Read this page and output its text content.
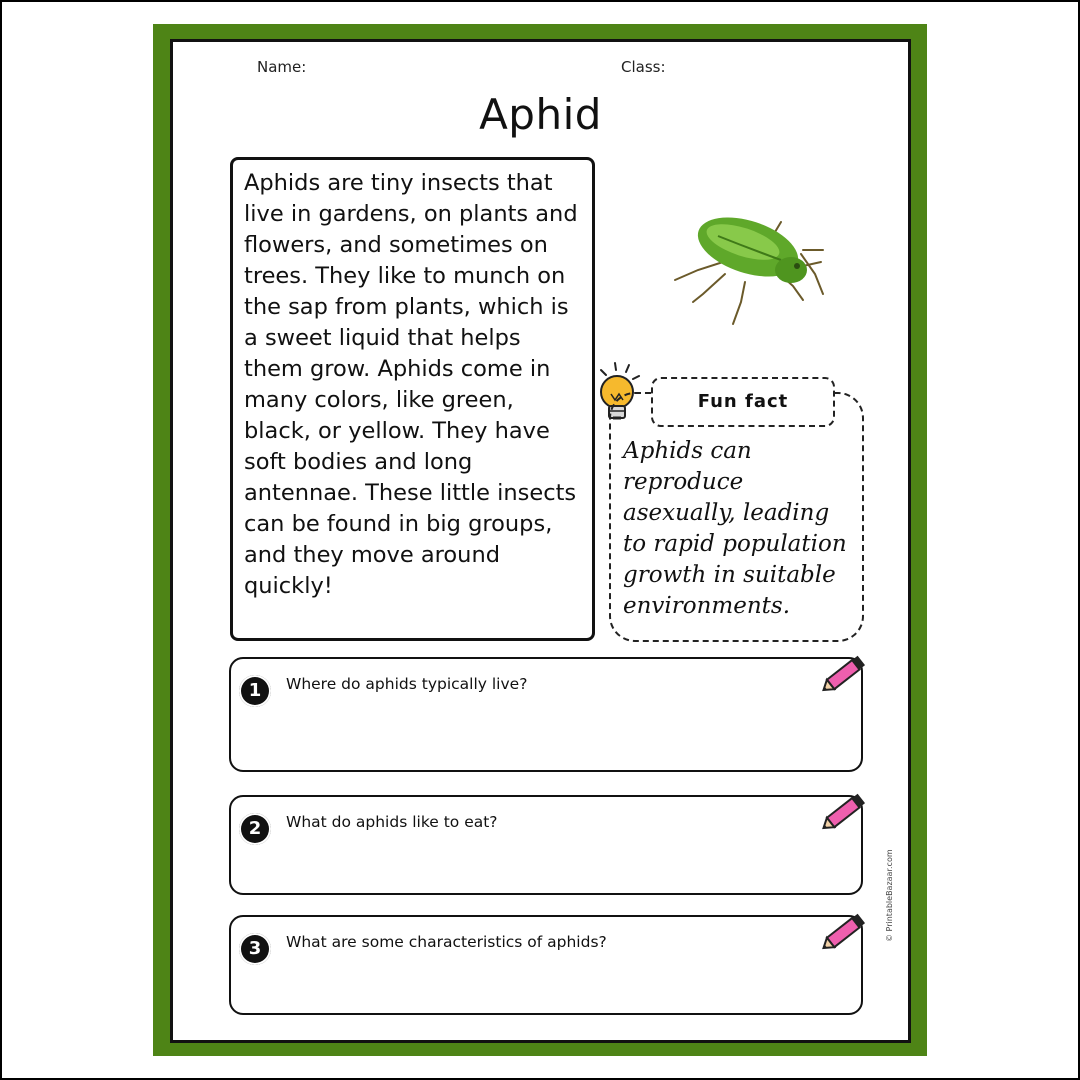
Name:	Class:
Aphid
Aphids are tiny insects that live in gardens, on plants and flowers, and sometimes on trees. They like to munch on the sap from plants, which is a sweet liquid that helps them grow. Aphids come in many colors, like green, black, or yellow. They have soft bodies and long antennae. These little insects can be found in big groups, and they move around quickly!
Fun fact
Aphids can reproduce asexually, leading to rapid population growth in suitable environments.
1	Where do aphids typically live?
2	What do aphids like to eat?
3	What are some characteristics of aphids?	© PrintableBazaar.com
